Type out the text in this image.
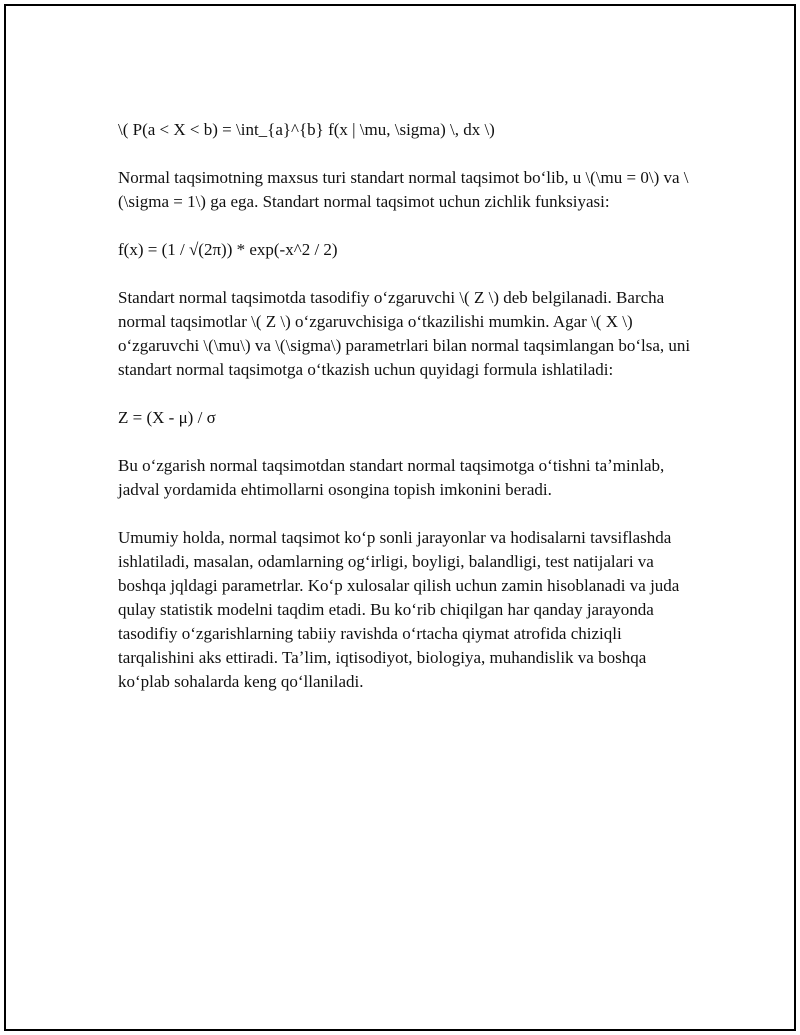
\( P(a < X < b) = \int_{a}^{b} f(x | \mu, \sigma) \, dx \)

Normal taqsimotning maxsus turi standart normal taqsimot boʻlib, u \(\mu = 0\) va \(\sigma = 1\) ga ega. Standart normal taqsimot uchun zichlik funksiyasi:

f(x) = (1 / √(2π)) * exp(-x^2 / 2)

Standart normal taqsimotda tasodifiy oʻzgaruvchi \( Z \) deb belgilanadi. Barcha normal taqsimotlar \( Z \) oʻzgaruvchisiga oʻtkazilishi mumkin. Agar \( X \) oʻzgaruvchi \(\mu\) va \(\sigma\) parametrlari bilan normal taqsimlangan boʻlsa, uni standart normal taqsimotga oʻtkazish uchun quyidagi formula ishlatiladi:

Z = (X - μ) / σ

Bu oʻzgarish normal taqsimotdan standart normal taqsimotga oʻtishni taʼminlab, jadval yordamida ehtimollarni osongina topish imkonini beradi.

Umumiy holda, normal taqsimot koʻp sonli jarayonlar va hodisalarni tavsiflashda ishlatiladi, masalan, odamlarning ogʻirligi, boyligi, balandligi, test natijalari va boshqa jqldagi parametrlar. Koʻp xulosalar qilish uchun zamin hisoblanadi va juda qulay statistik modelni taqdim etadi. Bu koʻrib chiqilgan har qanday jarayonda tasodifiy oʻzgarishlarning tabiiy ravishda oʻrtacha qiymat atrofida chiziqli tarqalishini aks ettiradi. Taʼlim, iqtisodiyot, biologiya, muhandislik va boshqa koʻplab sohalarda keng qoʻllaniladi.
